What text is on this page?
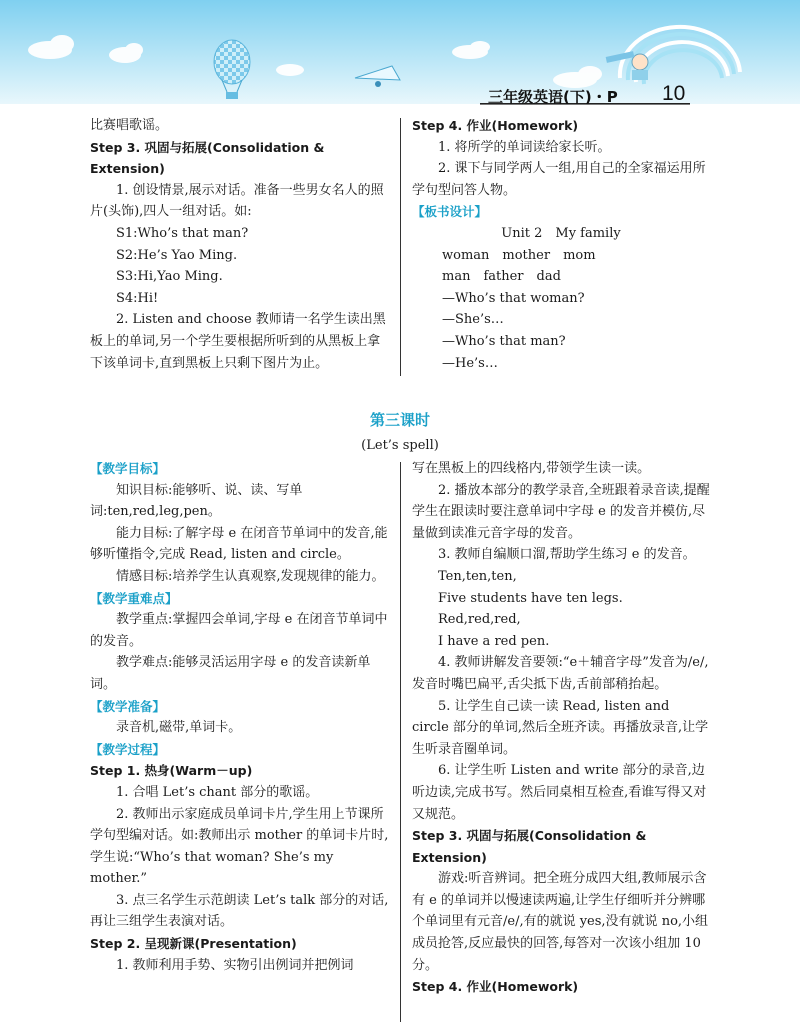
三年级英语(下)・P 10

比赛唱歌谣。

Step 3. 巩固与拓展(Consolidation & Extension)

1. 创设情景,展示对话。准备一些男女名人的照片(头饰),四人一组对话。如:

S1:Who’s that man?

S2:He’s Yao Ming.

S3:Hi,Yao Ming.

S4:Hi!

2. Listen and choose 教师请一名学生读出黑板上的单词,另一个学生要根据所听到的从黑板上拿下该单词卡,直到黑板上只剩下图片为止。

Step 4. 作业(Homework)

1. 将所学的单词读给家长听。

2. 课下与同学两人一组,用自己的全家福运用所学句型问答人物。

【板书设计】

Unit 2　My family

woman　mother　mom

man　father　dad

—Who’s that woman?

—She’s…

—Who’s that man?

—He’s…

第三课时
(Let’s spell)

【教学目标】

知识目标:能够听、说、读、写单词:ten,red,leg,pen。

能力目标:了解字母 e 在闭音节单词中的发音,能够听懂指令,完成 Read, listen and circle。

情感目标:培养学生认真观察,发现规律的能力。

【教学重难点】

教学重点:掌握四会单词,字母 e 在闭音节单词中的发音。

教学难点:能够灵活运用字母 e 的发音读新单词。

【教学准备】

录音机,磁带,单词卡。

【教学过程】

Step 1. 热身(Warm－up)

1. 合唱 Let’s chant 部分的歌谣。

2. 教师出示家庭成员单词卡片,学生用上节课所学句型编对话。如:教师出示 mother 的单词卡片时,学生说:“Who’s that woman? She’s my mother.”

3. 点三名学生示范朗读 Let’s talk 部分的对话,再让三组学生表演对话。

Step 2. 呈现新课(Presentation)

1. 教师利用手势、实物引出例词并把例词

写在黑板上的四线格内,带领学生读一读。

2. 播放本部分的教学录音,全班跟着录音读,提醒学生在跟读时要注意单词中字母 e 的发音并模仿,尽量做到读准元音字母的发音。

3. 教师自编顺口溜,帮助学生练习 e 的发音。

Ten,ten,ten,

Five students have ten legs.

Red,red,red,

I have a red pen.

4. 教师讲解发音要领:“e＋辅音字母”发音为/e/,发音时嘴巴扁平,舌尖抵下齿,舌前部稍抬起。

5. 让学生自己读一读 Read, listen and circle 部分的单词,然后全班齐读。再播放录音,让学生听录音圈单词。

6. 让学生听 Listen and write 部分的录音,边听边读,完成书写。然后同桌相互检查,看谁写得又对又规范。

Step 3. 巩固与拓展(Consolidation & Extension)

游戏:听音辨词。把全班分成四大组,教师展示含有 e 的单词并以慢速读两遍,让学生仔细听并分辨哪个单词里有元音/e/,有的就说 yes,没有就说 no,小组成员抢答,反应最快的回答,每答对一次该小组加 10 分。

Step 4. 作业(Homework)
